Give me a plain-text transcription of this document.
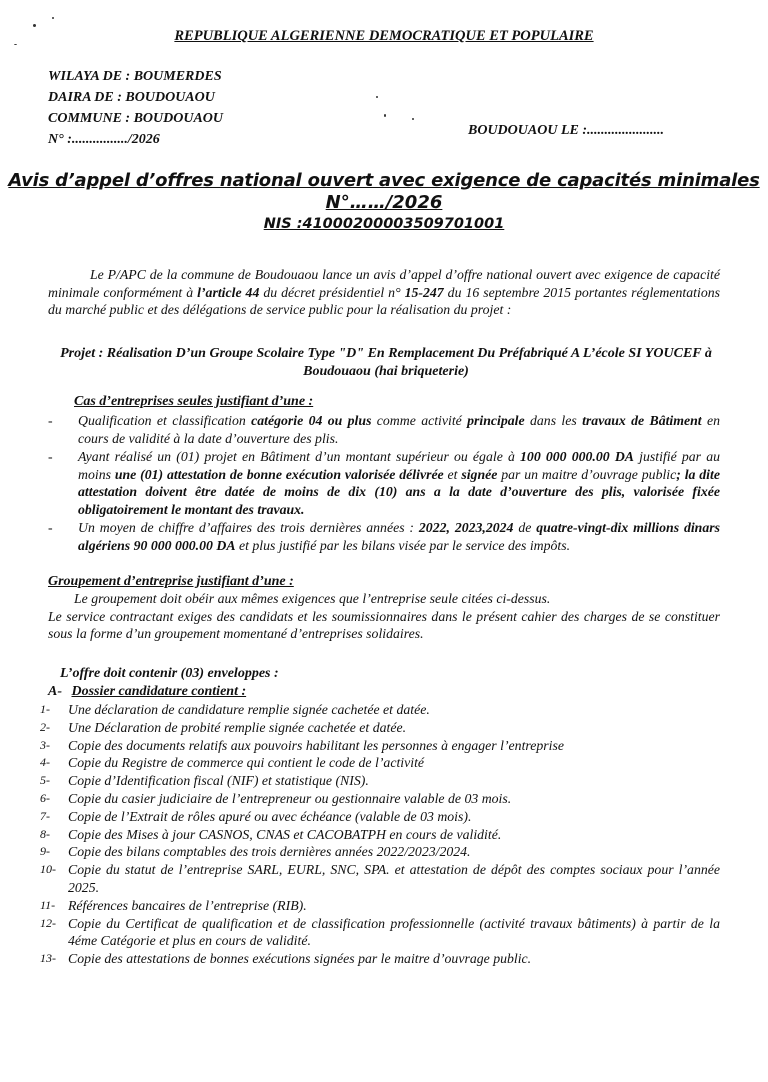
REPUBLIQUE ALGERIENNE DEMOCRATIQUE ET POPULAIRE
WILAYA DE : BOUMERDES
DAIRA DE : BOUDOUAOU
COMMUNE : BOUDOUAOU
N° :................/2026
BOUDOUAOU LE :......................
Avis d’appel d’offres national ouvert avec exigence de capacités minimales
N°……/2026
NIS :41000200003509701001
Le P/APC de la commune de Boudouaou lance un avis d’appel d’offre national ouvert avec exigence de capacité minimale conformément à l’article 44 du décret présidentiel n° 15-247 du 16 septembre 2015 portantes réglementations du marché public et des délégations de service public pour la réalisation du projet :
Projet : Réalisation D’un Groupe Scolaire Type "D" En Remplacement Du Préfabriqué A L’école SI YOUCEF à Boudouaou (hai briqueterie)
Cas d’entreprises seules justifiant d’une :
- Qualification et classification catégorie 04 ou plus comme activité principale dans les travaux de Bâtiment en cours de validité à la date d’ouverture des plis.
- Ayant réalisé un (01) projet en Bâtiment d’un montant supérieur ou égale à 100 000 000.00 DA justifié par au moins une (01) attestation de bonne exécution valorisée délivrée et signée par un maitre d’ouvrage public; la dite attestation doivent être datée de moins de dix (10) ans a la date d’ouverture des plis, valorisée fixée obligatoirement le montant des travaux.
- Un moyen de chiffre d’affaires des trois dernières années : 2022, 2023,2024 de quatre-vingt-dix millions dinars algériens 90 000 000.00 DA et plus justifié par les bilans visée par le service des impôts.
Groupement d’entreprise justifiant d’une :
Le groupement doit obéir aux mêmes exigences que l’entreprise seule citées ci-dessus.
Le service contractant exiges des candidats et les soumissionnaires dans le présent cahier des charges de se constituer sous la forme d’un groupement momentané d’entreprises solidaires.
L’offre doit contenir (03) enveloppes :
A- Dossier candidature contient :
1- Une déclaration de candidature remplie signée cachetée et datée.
2- Une Déclaration de probité remplie signée cachetée et datée.
3- Copie des documents relatifs aux pouvoirs habilitant les personnes à engager l’entreprise
4- Copie du Registre de commerce qui contient le code de l’activité
5- Copie d’Identification fiscal (NIF) et statistique (NIS).
6- Copie du casier judiciaire de l’entrepreneur ou gestionnaire valable de 03 mois.
7- Copie de l’Extrait de rôles apuré ou avec échéance (valable de 03 mois).
8- Copie des Mises à jour CASNOS, CNAS et CACOBATPH en cours de validité.
9- Copie des bilans comptables des trois dernières années 2022/2023/2024.
10- Copie du statut de l’entreprise SARL, EURL, SNC, SPA. et attestation de dépôt des comptes sociaux pour l’année 2025.
11- Références bancaires de l’entreprise (RIB).
12- Copie du Certificat de qualification et de classification professionnelle (activité travaux bâtiments) à partir de la 4éme Catégorie et plus en cours de validité.
13- Copie des attestations de bonnes exécutions signées par le maitre d’ouvrage public.
